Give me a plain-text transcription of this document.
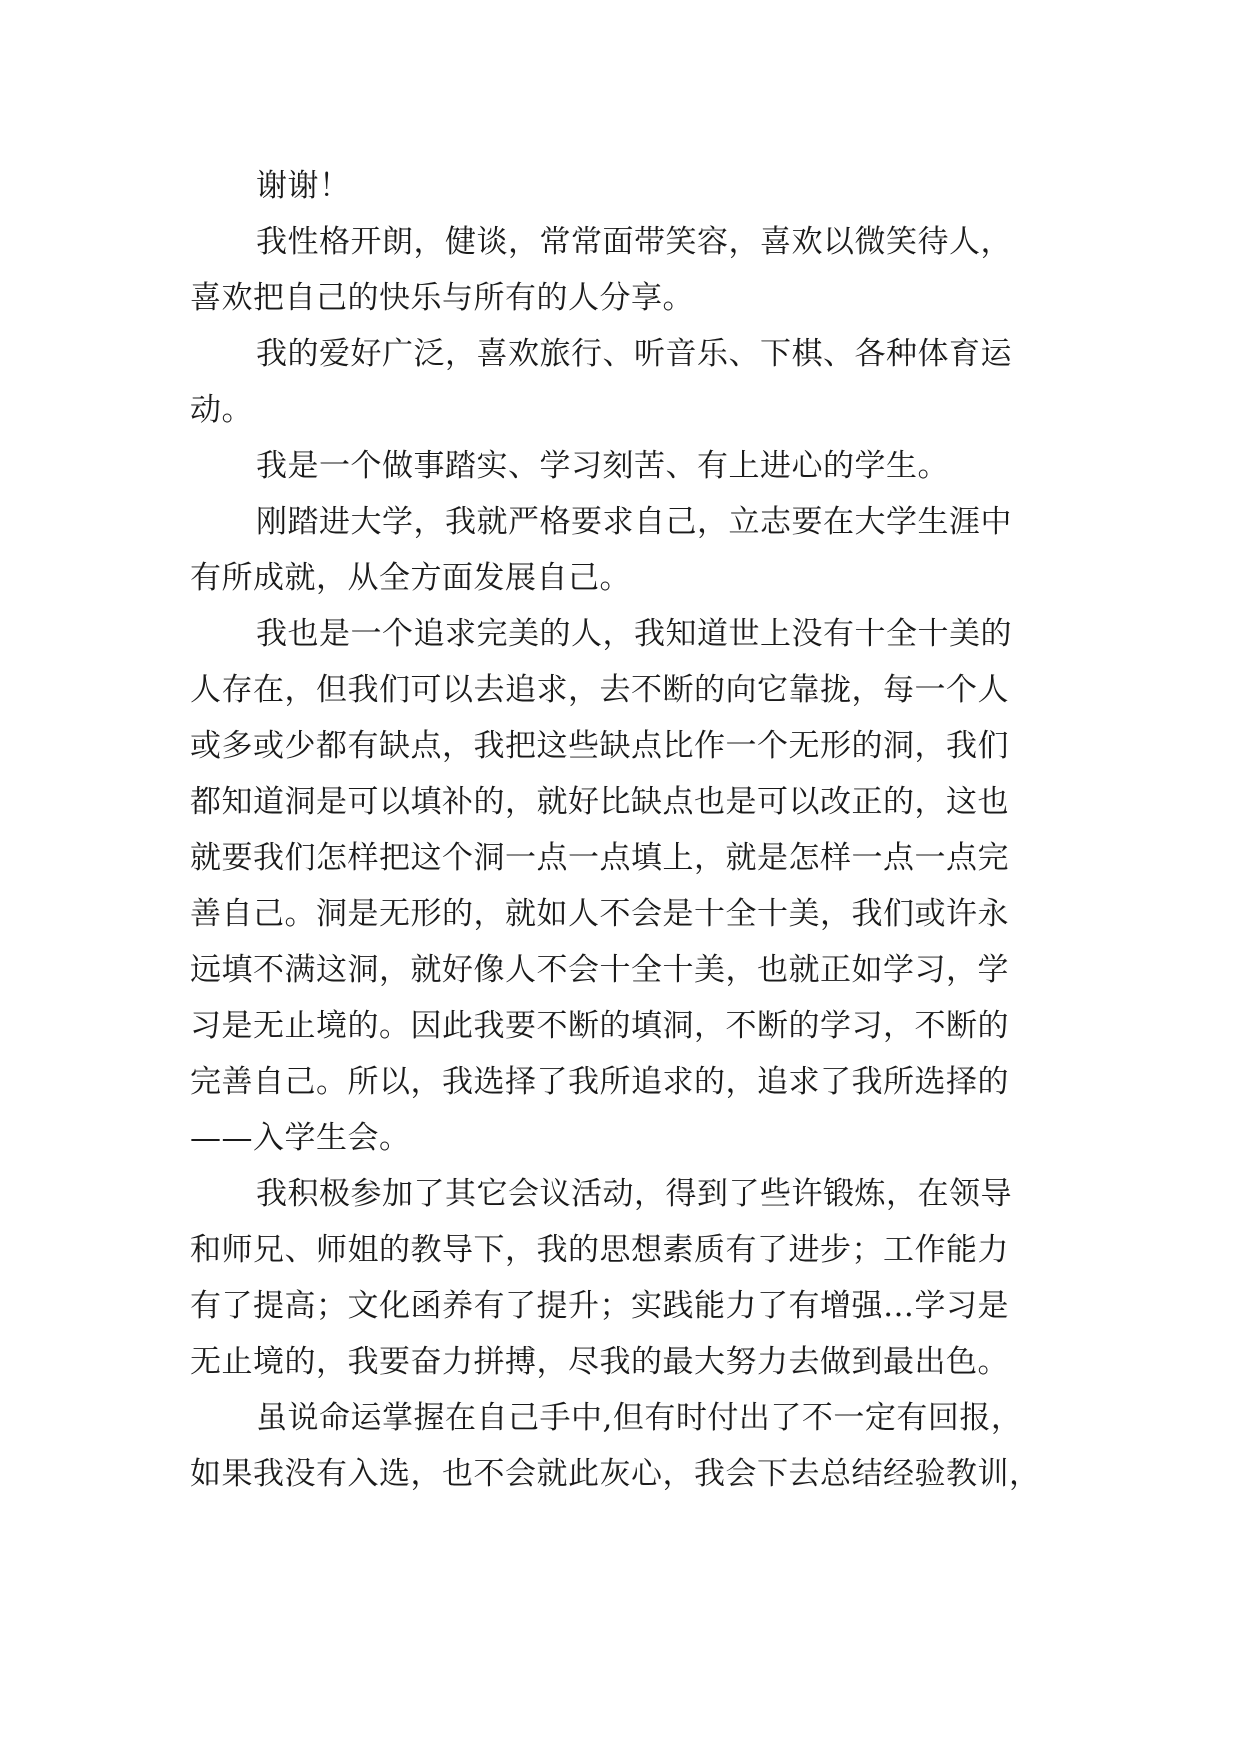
谢谢！
我性格开朗，健谈，常常面带笑容，喜欢以微笑待人，
喜欢把自己的快乐与所有的人分享。
我的爱好广泛，喜欢旅行、听音乐、下棋、各种体育运
动。
我是一个做事踏实、学习刻苦、有上进心的学生。
刚踏进大学，我就严格要求自己，立志要在大学生涯中
有所成就，从全方面发展自己。
我也是一个追求完美的人，我知道世上没有十全十美的
人存在，但我们可以去追求，去不断的向它靠拢，每一个人
或多或少都有缺点，我把这些缺点比作一个无形的洞，我们
都知道洞是可以填补的，就好比缺点也是可以改正的，这也
就要我们怎样把这个洞一点一点填上，就是怎样一点一点完
善自己。洞是无形的，就如人不会是十全十美，我们或许永
远填不满这洞，就好像人不会十全十美，也就正如学习，学
习是无止境的。因此我要不断的填洞，不断的学习，不断的
完善自己。所以，我选择了我所追求的，追求了我所选择的
——入学生会。
我积极参加了其它会议活动，得到了些许锻炼，在领导
和师兄、师姐的教导下，我的思想素质有了进步；工作能力
有了提高；文化函养有了提升；实践能力了有增强…学习是
无止境的，我要奋力拼搏，尽我的最大努力去做到最出色。
虽说命运掌握在自己手中,但有时付出了不一定有回报，
如果我没有入选，也不会就此灰心，我会下去总结经验教训，
